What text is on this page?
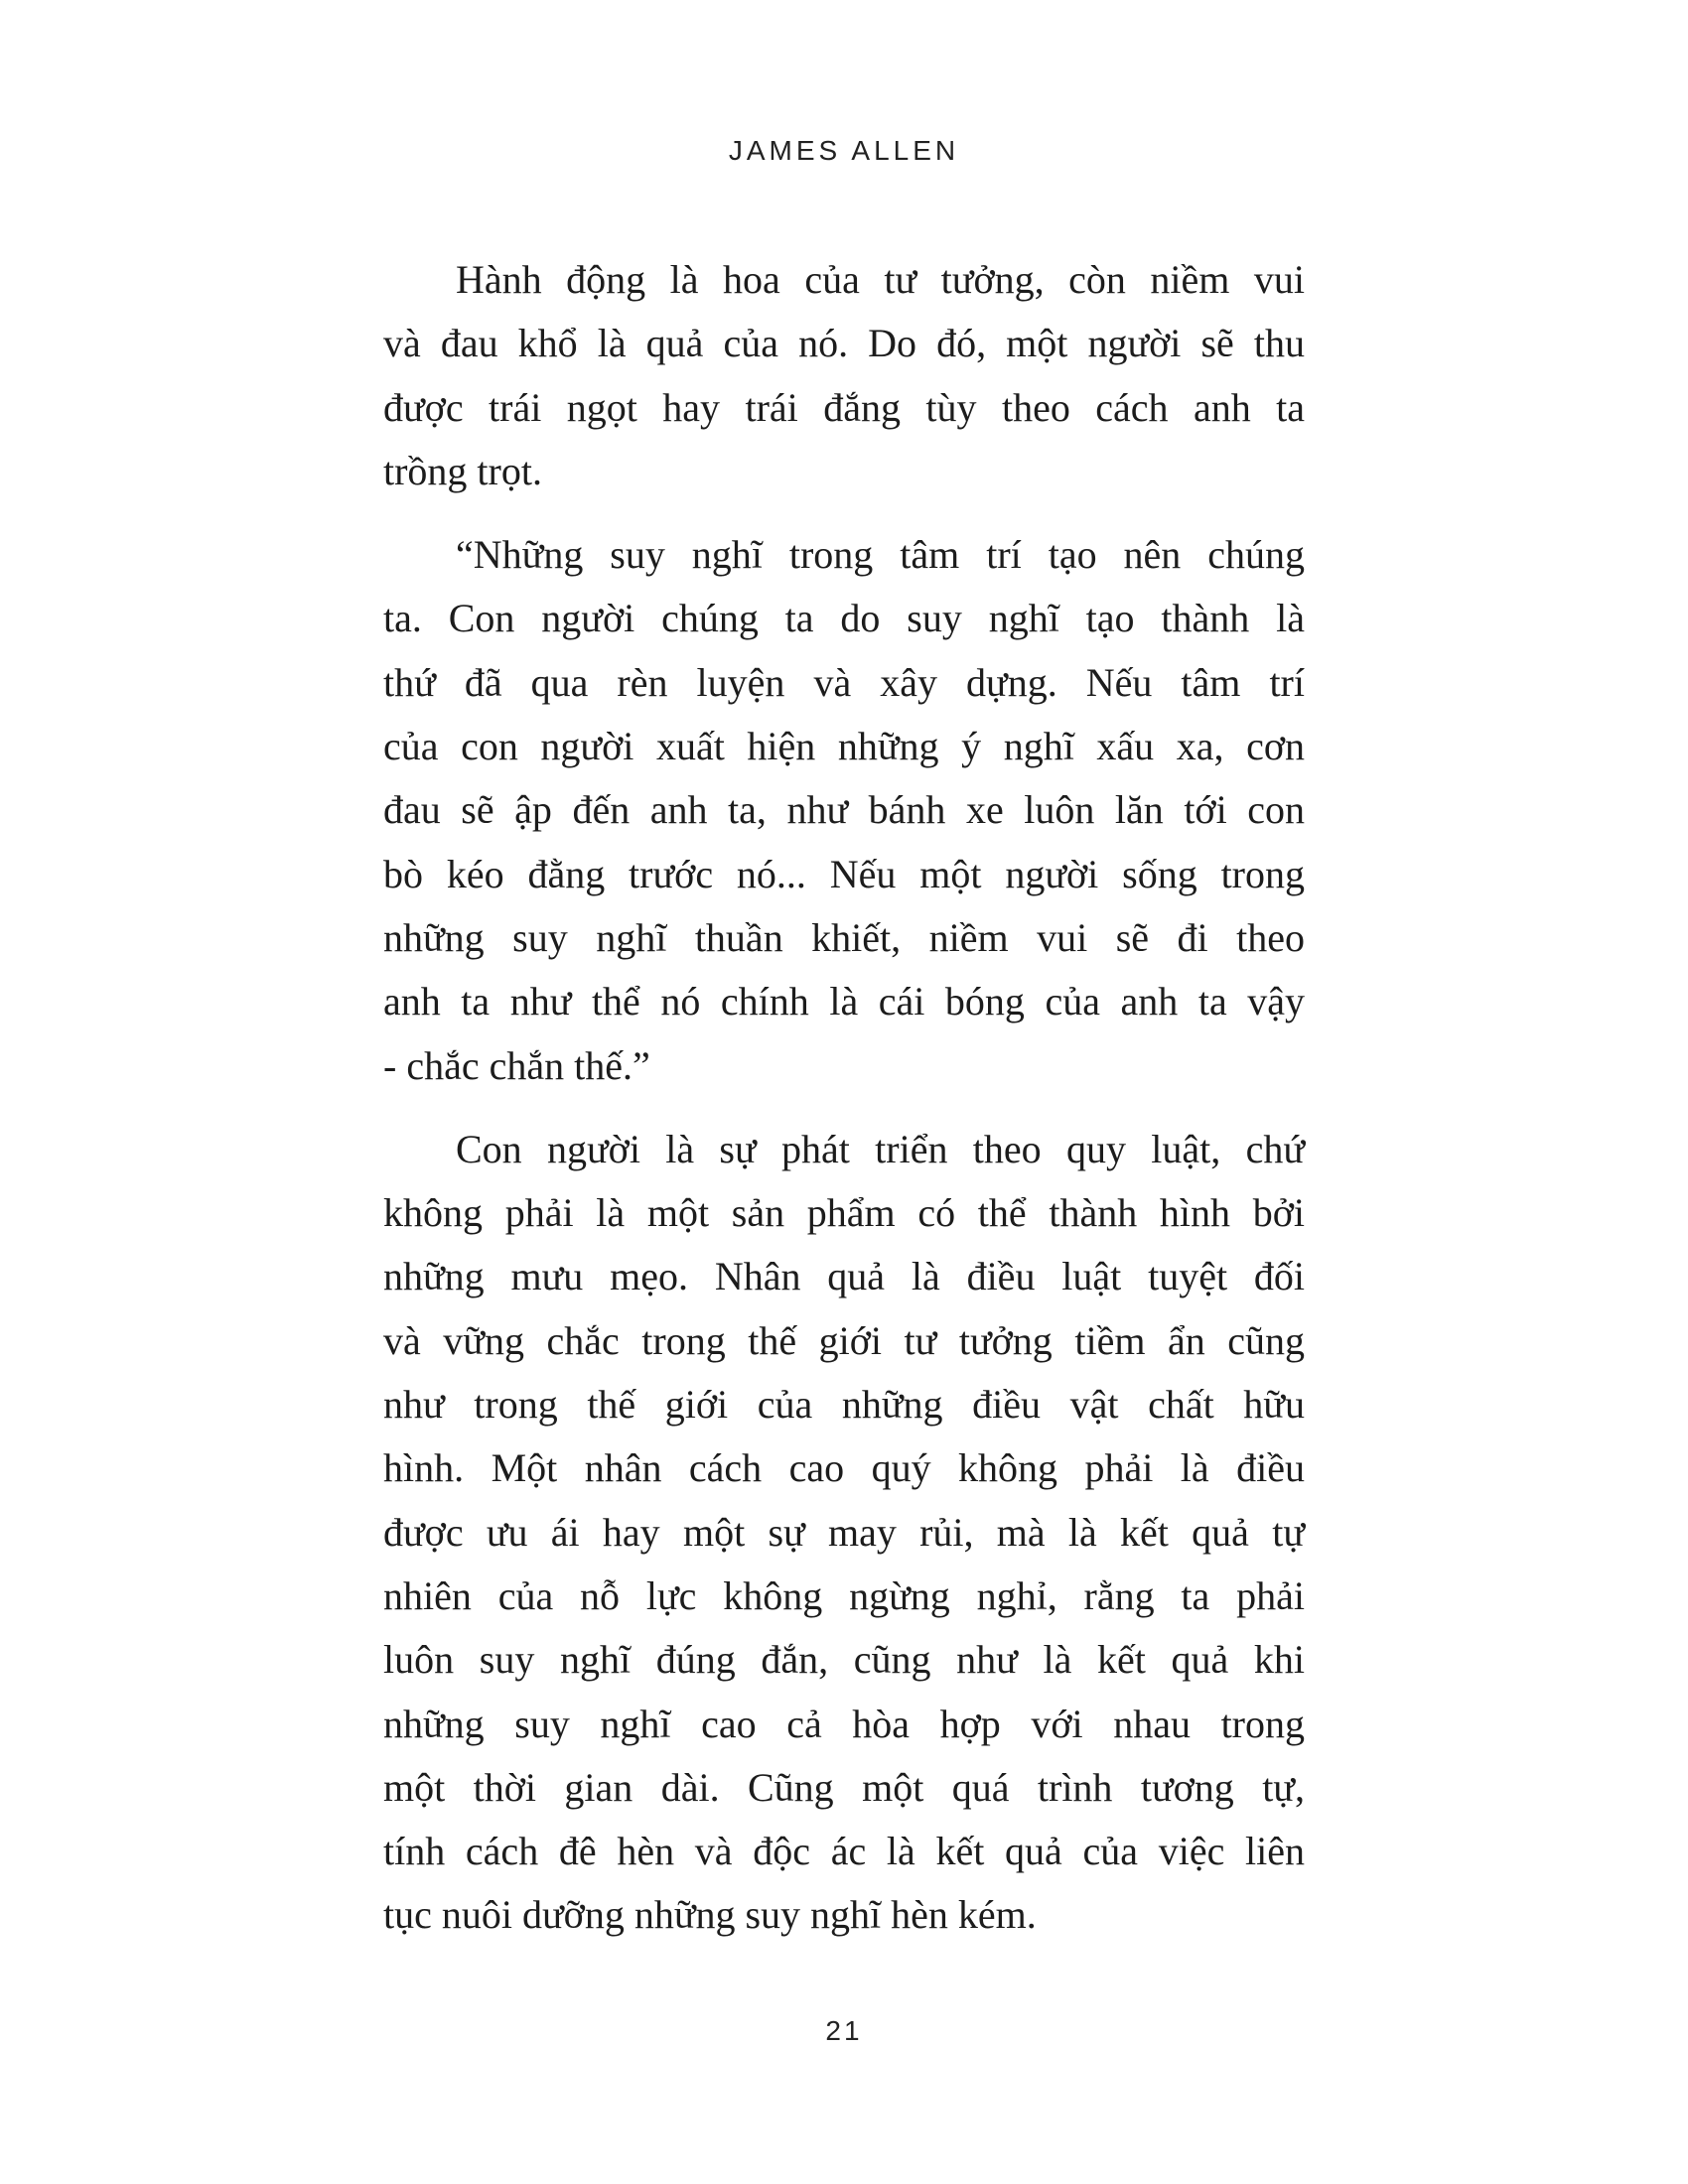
JAMES ALLEN

Hành động là hoa của tư tưởng, còn niềm vui
và đau khổ là quả của nó. Do đó, một người sẽ thu
được trái ngọt hay trái đắng tùy theo cách anh ta
trồng trọt.
“Những suy nghĩ trong tâm trí tạo nên chúng
ta. Con người chúng ta do suy nghĩ tạo thành là
thứ đã qua rèn luyện và xây dựng. Nếu tâm trí
của con người xuất hiện những ý nghĩ xấu xa, cơn
đau sẽ ập đến anh ta, như bánh xe luôn lăn tới con
bò kéo đằng trước nó... Nếu một người sống trong
những suy nghĩ thuần khiết, niềm vui sẽ đi theo
anh ta như thể nó chính là cái bóng của anh ta vậy
- chắc chắn thế.”
Con người là sự phát triển theo quy luật, chứ
không phải là một sản phẩm có thể thành hình bởi
những mưu mẹo. Nhân quả là điều luật tuyệt đối
và vững chắc trong thế giới tư tưởng tiềm ẩn cũng
như trong thế giới của những điều vật chất hữu
hình. Một nhân cách cao quý không phải là điều
được ưu ái hay một sự may rủi, mà là kết quả tự
nhiên của nỗ lực không ngừng nghỉ, rằng ta phải
luôn suy nghĩ đúng đắn, cũng như là kết quả khi
những suy nghĩ cao cả hòa hợp với nhau trong
một thời gian dài. Cũng một quá trình tương tự,
tính cách đê hèn và độc ác là kết quả của việc liên
tục nuôi dưỡng những suy nghĩ hèn kém.

21
